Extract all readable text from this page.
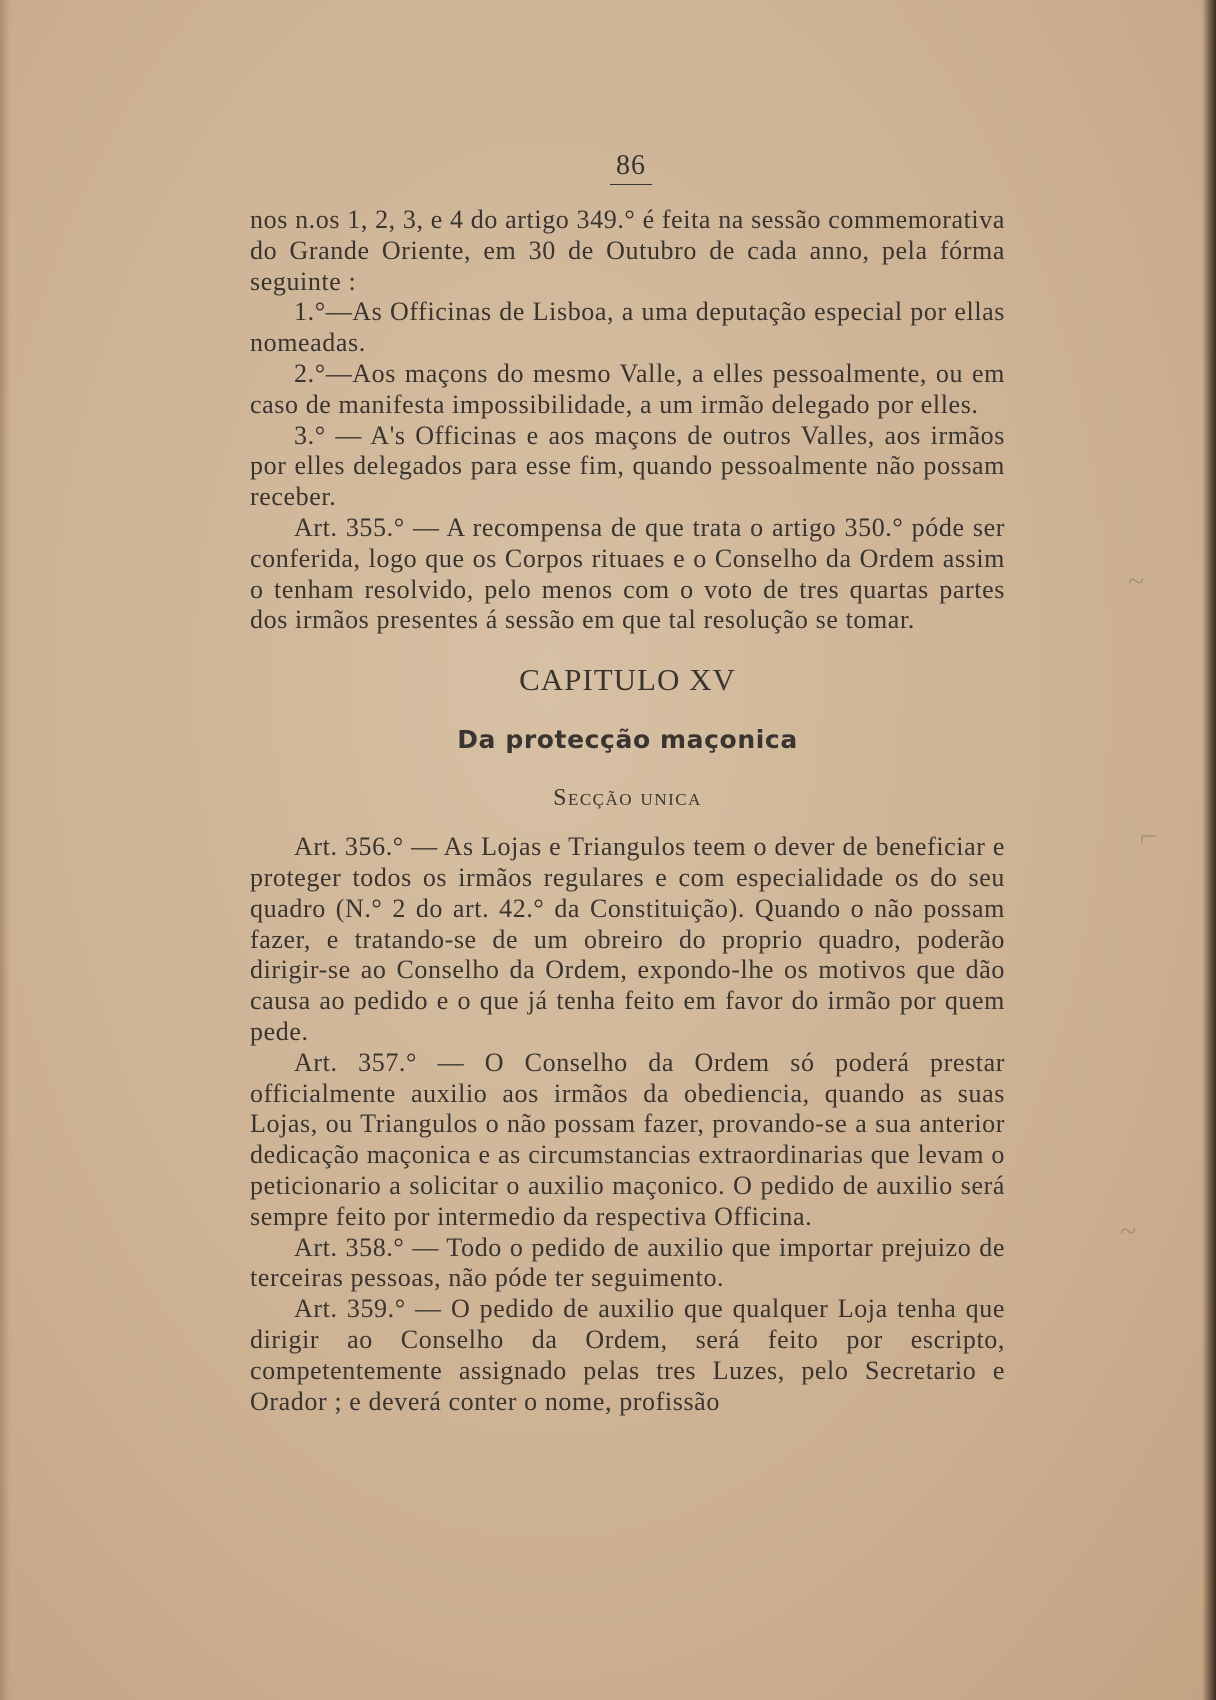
~
⌐
~
86

nos n.os 1, 2, 3, e 4 do artigo 349.° é feita na sessão commemorativa do Grande Oriente, em 30 de Outubro de cada anno, pela fórma seguinte :

1.°—As Officinas de Lisboa, a uma deputação especial por ellas nomeadas.

2.°—Aos maçons do mesmo Valle, a elles pessoalmente, ou em caso de manifesta impossibilidade, a um irmão delegado por elles.

3.° — A's Officinas e aos maçons de outros Valles, aos irmãos por elles delegados para esse fim, quando pessoalmente não possam receber.

Art. 355.° — A recompensa de que trata o artigo 350.° póde ser conferida, logo que os Corpos rituaes e o Conselho da Ordem assim o tenham resolvido, pelo menos com o voto de tres quartas partes dos irmãos presentes á sessão em que tal resolução se tomar.

CAPITULO XV
Da protecção maçonica
Secção unica

Art. 356.° — As Lojas e Triangulos teem o dever de beneficiar e proteger todos os irmãos regulares e com especialidade os do seu quadro (N.° 2 do art. 42.° da Constituição). Quando o não possam fazer, e tratando-se de um obreiro do proprio quadro, poderão dirigir-se ao Conselho da Ordem, expondo-lhe os motivos que dão causa ao pedido e o que já tenha feito em favor do irmão por quem pede.

Art. 357.° — O Conselho da Ordem só poderá prestar officialmente auxilio aos irmãos da obediencia, quando as suas Lojas, ou Triangulos o não possam fazer, provando-se a sua anterior dedicação maçonica e as circumstancias extraordinarias que levam o peticionario a solicitar o auxilio maçonico. O pedido de auxilio será sempre feito por intermedio da respectiva Officina.

Art. 358.° — Todo o pedido de auxilio que importar prejuizo de terceiras pessoas, não póde ter seguimento.

Art. 359.° — O pedido de auxilio que qualquer Loja tenha que dirigir ao Conselho da Ordem, será feito por escripto, competentemente assignado pelas tres Luzes, pelo Secretario e Orador ; e deverá conter o nome, profissão
